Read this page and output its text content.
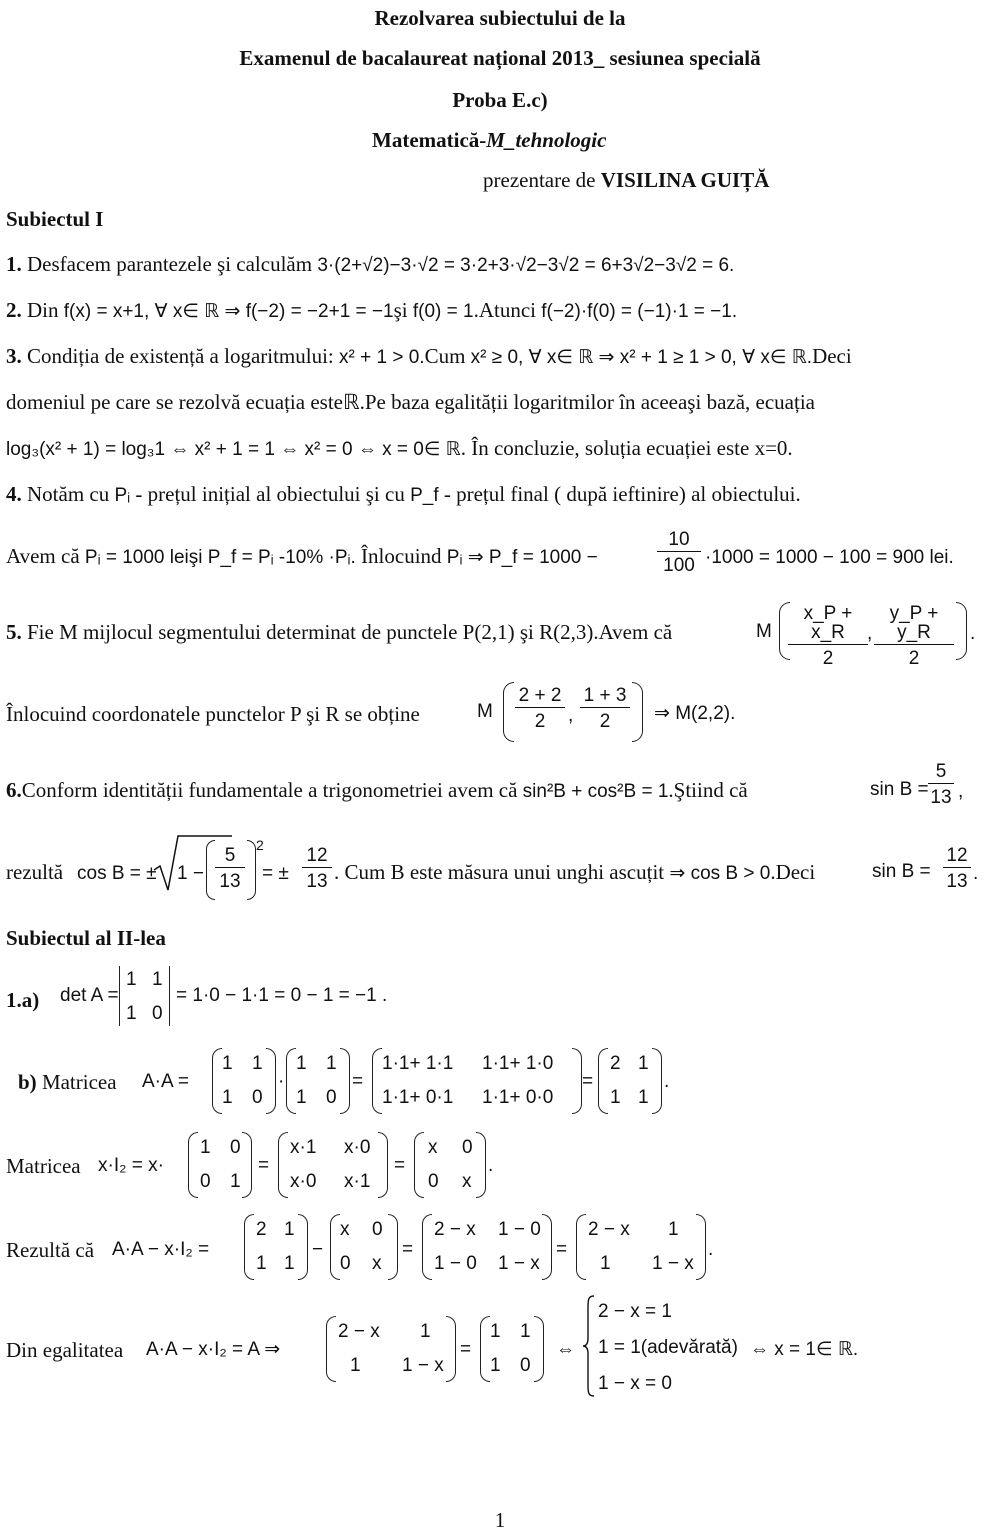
Rezolvarea subiectului de la
Examenul de bacalaureat național 2013_ sesiunea specială
Proba E.c)
Matematică-M_tehnologic
prezentare de VISILINA GUIȚĂ
Subiectul I
1. Desfacem parantezele şi calculăm 3·(2+√2)−3·√2 = 3·2+3·√2−3√2 = 6+3√2−3√2 = 6.
2. Din f(x) = x+1, ∀ x∈ ℝ ⇒ f(−2) = −2+1 = −1şi f(0) = 1.Atunci f(−2)·f(0) = (−1)·1 = −1.
3. Condiția de existență a logaritmului: x² + 1 > 0.Cum x² ≥ 0, ∀ x∈ ℝ ⇒ x² + 1 ≥ 1 > 0, ∀ x∈ ℝ.Deci
domeniul pe care se rezolvă ecuația esteℝ.Pe baza egalității logaritmilor în aceeaşi bază, ecuația
log₃(x² + 1) = log₃1 ⇔ x² + 1 = 1 ⇔ x² = 0 ⇔ x = 0∈ ℝ. În concluzie, soluția ecuației este x=0.
4. Notăm cu Pᵢ - prețul inițial al obiectului şi cu P_f - prețul final ( după ieftinire) al obiectului.
Avem că Pᵢ = 1000 leişi P_f = Pᵢ -10% ·Pᵢ. Înlocuind Pᵢ ⇒ P_f = 1000 −	$\frac{10}{100} \cdot 1000 = 1000 - 100 = 900$ lei.
5. Fie M mijlocul segmentului determinat de punctele P(2,1) şi R(2,3).Avem că	M $\frac{x\_P + x\_R}{2}$ , $\frac{y\_P + y\_R}{2}$ .
Înlocuind coordonatele punctelor P şi R se obține	M $\frac{2 + 2}{2}$ , $\frac{1 + 3}{2}$ ⇒ M(2,2).
6.Conform identității fundamentale a trigonometriei avem că sin²B + cos²B = 1.Ştiind că	$\sin B = \frac{5}{13}$ ,
rezultă cos B = ± $1 - \frac{5}{13}$
2
= ± $\frac{12}{13}$ . Cum B este măsura unui unghi ascuțit ⇒ cos B > 0.Deci	$\sin B = \frac{12}{13}$ .
Subiectul al II-lea
1.a) det A =
1 1
1 0
= 1·0 − 1·1 = 0 − 1 = −1 .
b) Matricea A·A =
1 1
1 0
·
1 1
1 0
=
1·1+ 1·1 1·1+ 1·0
1·1+ 0·1 1·1+ 0·0
=
2 1
1 1
.
Matricea x·I₂ = x·
1 0
0 1
=
x·1 x·0
x·0 x·1
=
x 0
0 x
.
Rezultă că A·A − x·I₂ =
2 1
1 1
−
x 0
0 x
=
2 − x 1 − 0
1 − 0 1 − x
=
2 − x 1
1 1 − x
.
Din egalitatea A·A − x·I₂ = A ⇒
2 − x 1
1 1 − x
=
1 1
1 0
⇔
2 − x = 1
1 = 1(adevărată)
1 − x = 0
⇔ x = 1∈ ℝ.
1
